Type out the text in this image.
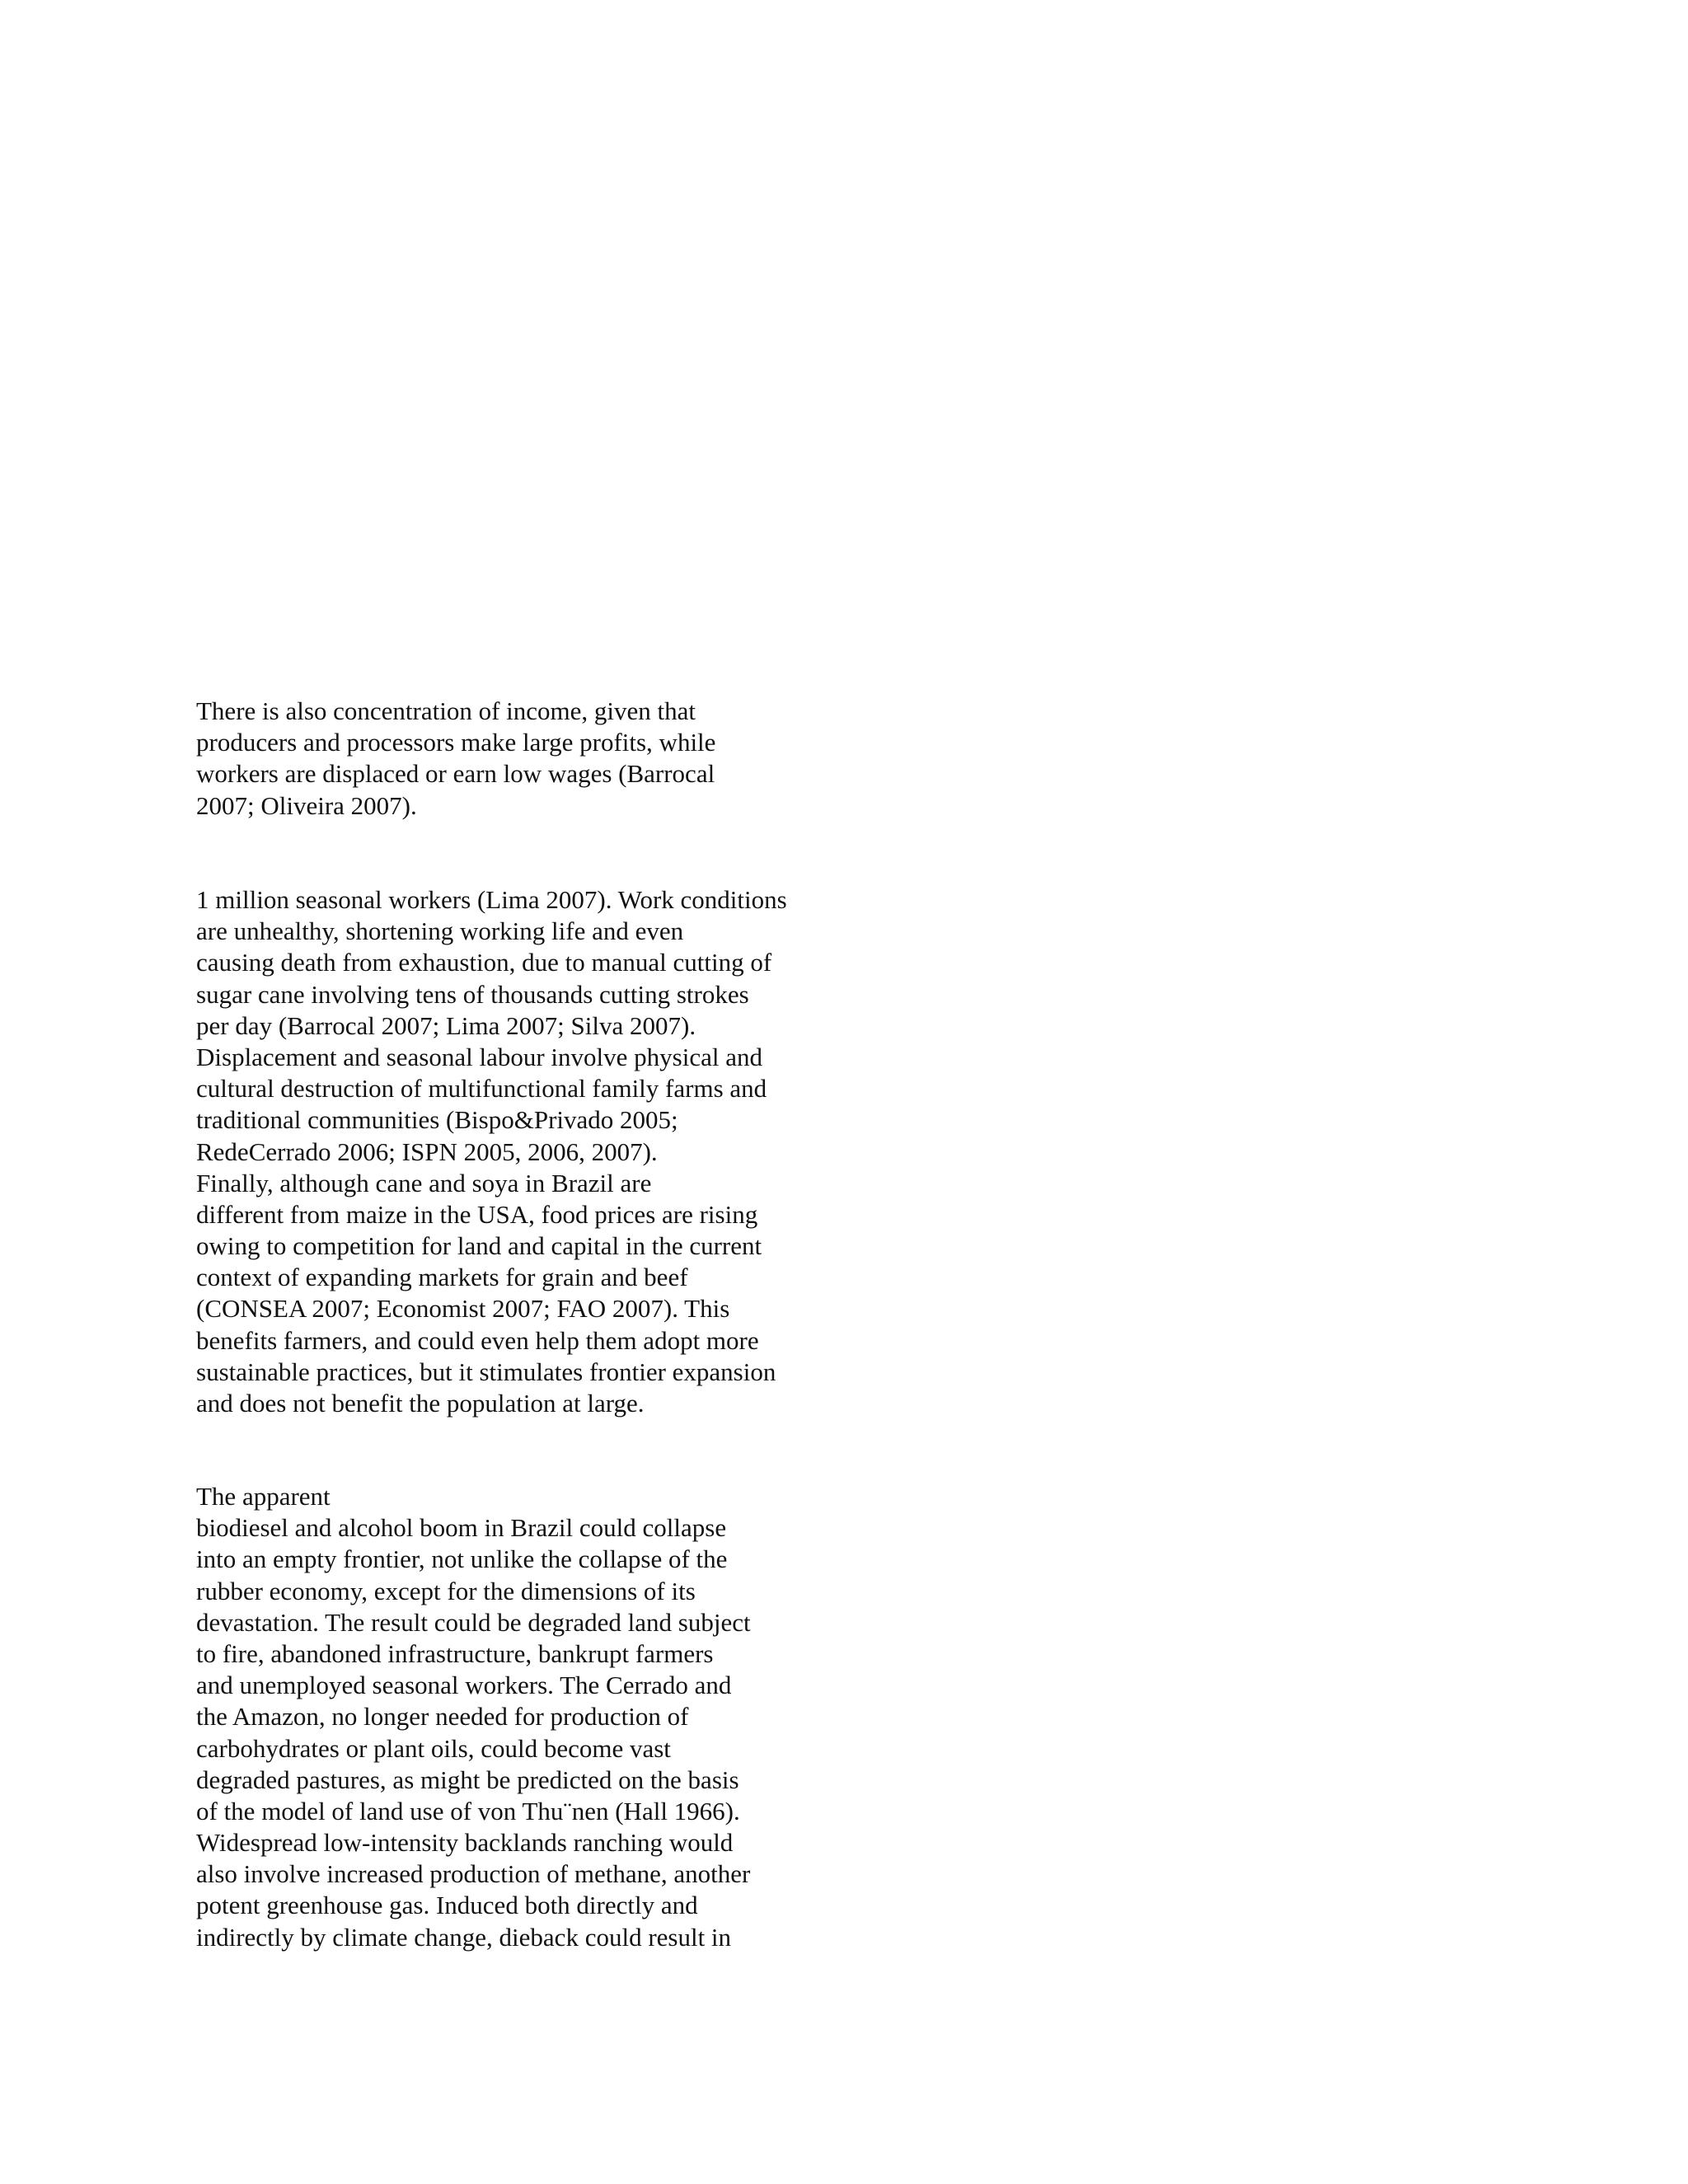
There is also concentration of income, given that
producers and processors make large profits, while
workers are displaced or earn low wages (Barrocal
2007; Oliveira 2007).
1 million seasonal workers (Lima 2007). Work conditions
are unhealthy, shortening working life and even
causing death from exhaustion, due to manual cutting of
sugar cane involving tens of thousands cutting strokes
per day (Barrocal 2007; Lima 2007; Silva 2007).
Displacement and seasonal labour involve physical and
cultural destruction of multifunctional family farms and
traditional communities (Bispo&Privado 2005;
RedeCerrado 2006; ISPN 2005, 2006, 2007).
Finally, although cane and soya in Brazil are
different from maize in the USA, food prices are rising
owing to competition for land and capital in the current
context of expanding markets for grain and beef
(CONSEA 2007; Economist 2007; FAO 2007). This
benefits farmers, and could even help them adopt more
sustainable practices, but it stimulates frontier expansion
and does not benefit the population at large.
The apparent
biodiesel and alcohol boom in Brazil could collapse
into an empty frontier, not unlike the collapse of the
rubber economy, except for the dimensions of its
devastation. The result could be degraded land subject
to fire, abandoned infrastructure, bankrupt farmers
and unemployed seasonal workers. The Cerrado and
the Amazon, no longer needed for production of
carbohydrates or plant oils, could become vast
degraded pastures, as might be predicted on the basis
of the model of land use of von Thu¨nen (Hall 1966).
Widespread low-intensity backlands ranching would
also involve increased production of methane, another
potent greenhouse gas. Induced both directly and
indirectly by climate change, dieback could result in
